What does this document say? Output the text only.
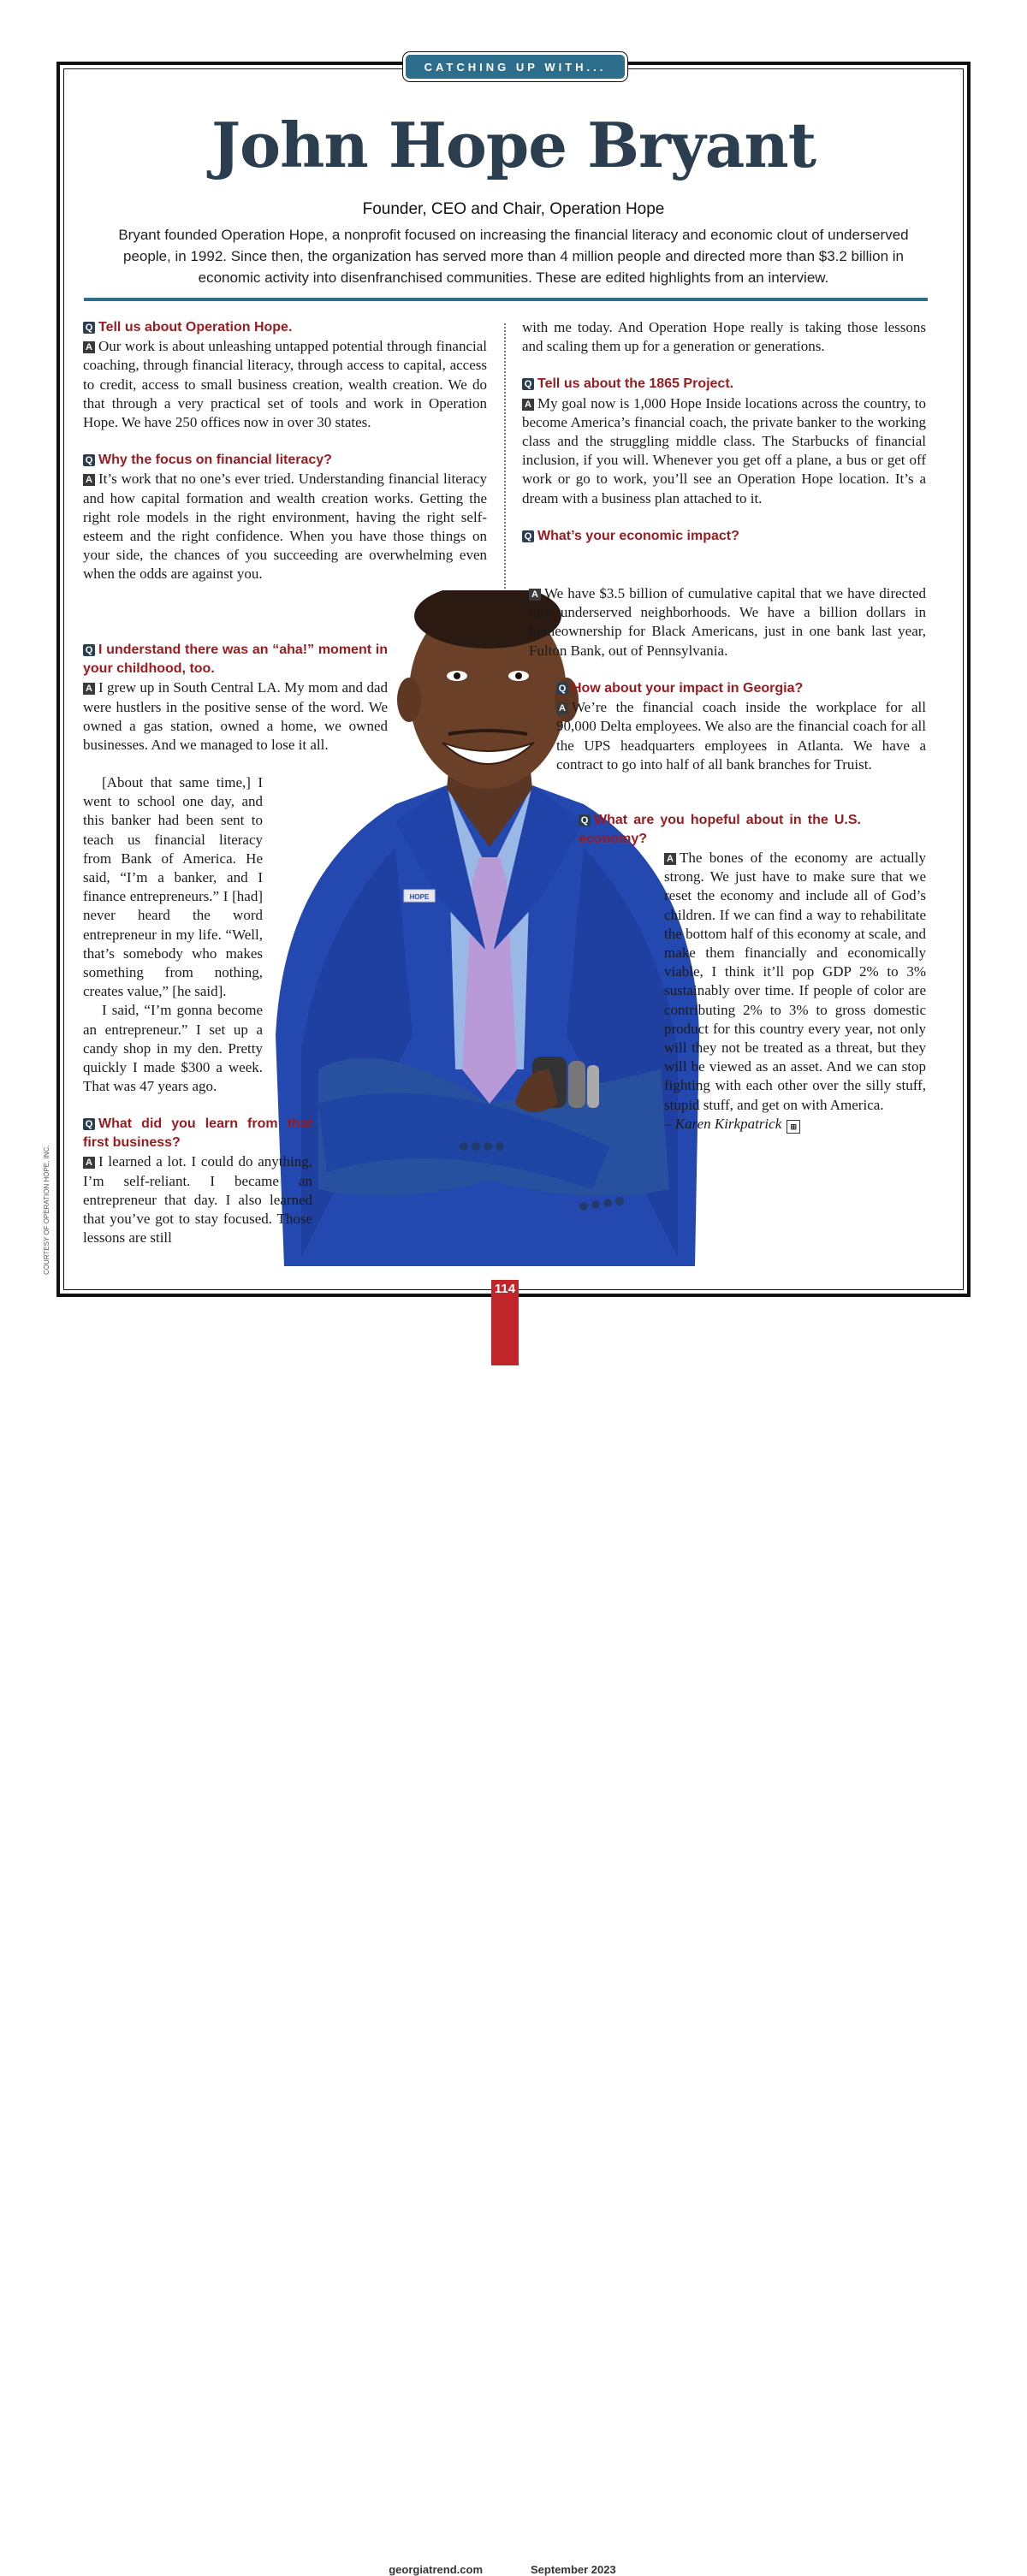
CATCHING UP WITH...
John Hope Bryant
Founder, CEO and Chair, Operation Hope

Bryant founded Operation Hope, a nonprofit focused on increasing the financial literacy and economic clout of underserved people, in 1992. Since then, the organization has served more than 4 million people and directed more than $3.2 billion in economic activity into disenfranchised communities. These are edited highlights from an interview.

HOPE

Q Tell us about Operation Hope.

A Our work is about unleashing untapped potential through financial coaching, through financial literacy, through access to capital, access to credit, access to small business creation, wealth creation. We do that through a very practical set of tools and work in Operation Hope. We have 250 offices now in over 30 states.

Q Why the focus on financial literacy?

A It’s work that no one’s ever tried. Understanding financial literacy and how capital formation and wealth creation works. Getting the right role models in the right environment, having the right self-esteem and the right confidence. When you have those things on your side, the chances of you succeeding are overwhelming even when the odds are against you.

Q I understand there was an “aha!” moment in your childhood, too.

A I grew up in South Central LA. My mom and dad were hustlers in the positive sense of the word. We owned a gas station, owned a home, we owned businesses. And we managed to lose it all.

[About that same time,] I went to school one day, and this banker had been sent to teach us financial literacy from Bank of America. He said, “I’m a banker, and I finance entrepreneurs.” I [had] never heard the word entrepreneur in my life. “Well, that’s somebody who makes something from nothing, creates value,” [he said].

I said, “I’m gonna become an entrepreneur.” I set up a candy shop in my den. Pretty quickly I made $300 a week. That was 47 years ago.

Q What did you learn from that first business?

A I learned a lot. I could do anything, I’m self-reliant. I became an entrepreneur that day. I also learned that you’ve got to stay focused. Those lessons are still

with me today. And Operation Hope really is taking those lessons and scaling them up for a generation or generations.

Q Tell us about the 1865 Project.

A My goal now is 1,000 Hope Inside locations across the country, to become America’s financial coach, the private banker to the working class and the struggling middle class. The Starbucks of financial inclusion, if you will. Whenever you get off a plane, a bus or get off work or go to work, you’ll see an Operation Hope location. It’s a dream with a business plan attached to it.

Q What’s your economic impact?

A We have $3.5 billion of cumulative capital that we have directed into underserved neighborhoods. We have a billion dollars in homeownership for Black Americans, just in one bank last year, Fulton Bank, out of Pennsylvania.

Q How about your impact in Georgia?

A We’re the financial coach inside the workplace for all 90,000 Delta employees. We also are the financial coach for all the UPS headquarters employees in Atlanta. We have a contract to go into half of all bank branches for Truist.

Q What are you hopeful about in the U.S. economy?

A The bones of the economy are actually strong. We just have to make sure that we reset the economy and include all of God’s children. If we can find a way to rehabilitate the bottom half of this economy at scale, and make them financially and economically viable, I think it’ll pop GDP 2% to 3% sustainably over time. If people of color are contributing 2% to 3% to gross domestic product for this country every year, not only will they not be treated as a threat, but they will be viewed as an asset. And we can stop fighting with each other over the silly stuff, stupid stuff, and get on with America.

– Karen Kirkpatrick ⊞

114
georgiatrend.com	September 2023
COURTESY OF OPERATION HOPE, INC.
